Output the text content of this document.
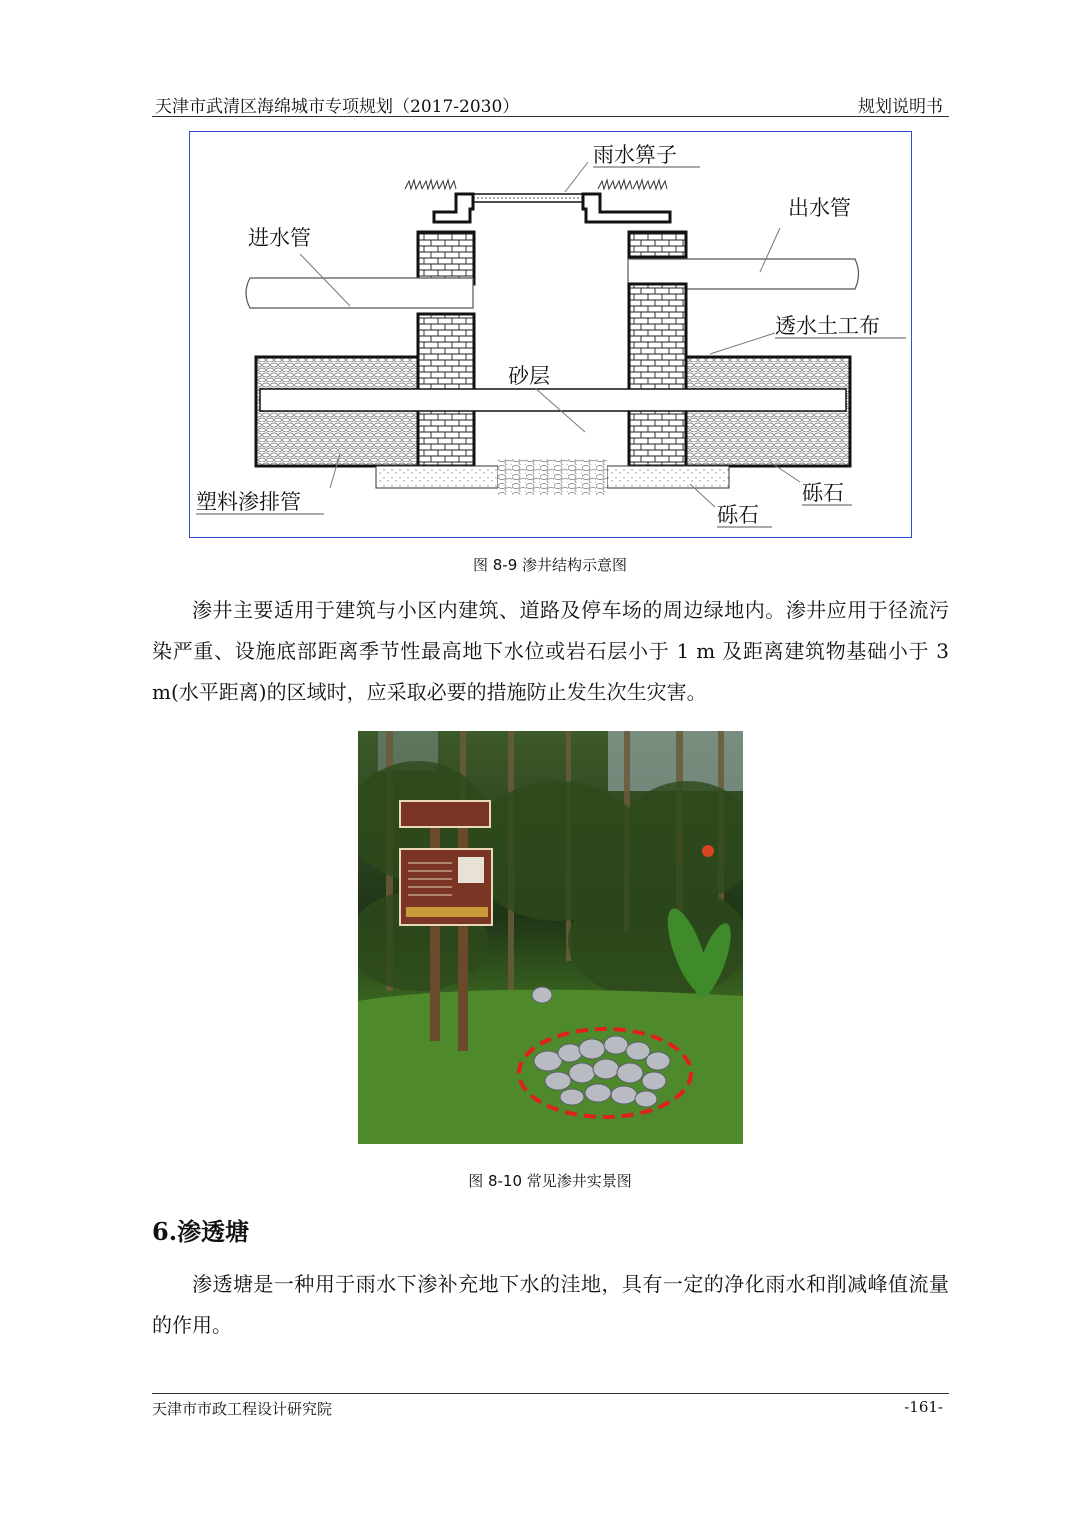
天津市武清区海绵城市专项规划（2017-2030）	规划说明书
雨水箅子
进水管
出水管
透水土工布
砂层
塑料渗排管	砾石
砾石
图 8-9 渗井结构示意图
渗井主要适用于建筑与小区内建筑、道路及停车场的周边绿地内。渗井应用于径流污染严重、设施底部距离季节性最高地下水位或岩石层小于 1 m 及距离建筑物基础小于 3 m(水平距离)的区域时，应采取必要的措施防止发生次生灾害。
图 8-10 常见渗井实景图
6.渗透塘
渗透塘是一种用于雨水下渗补充地下水的洼地，具有一定的净化雨水和削减峰值流量的作用。
天津市市政工程设计研究院	-161-
